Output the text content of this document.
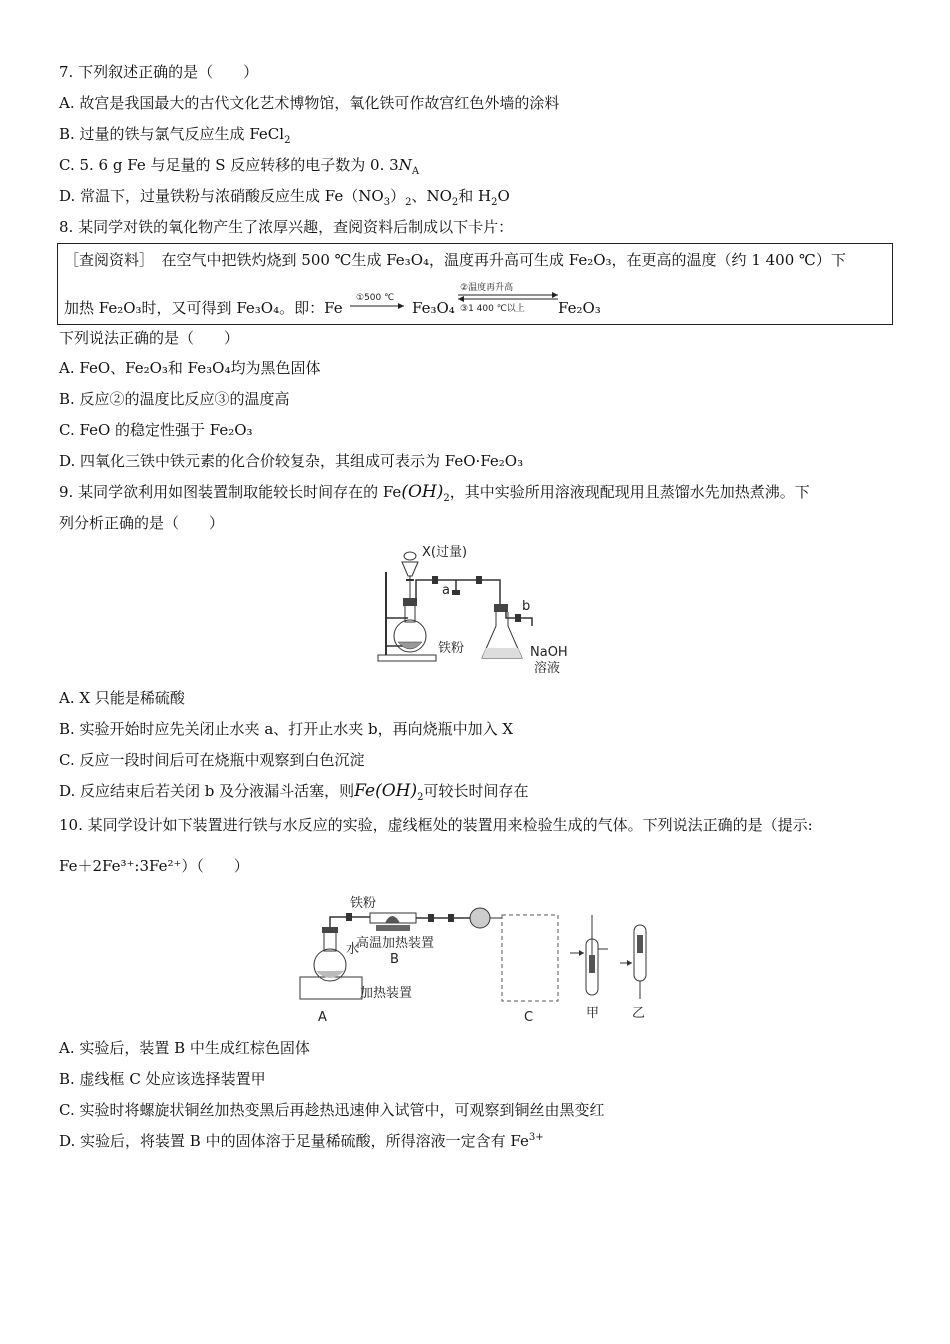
7. 下列叙述正确的是（　　）
A. 故宫是我国最大的古代文化艺术博物馆，氧化铁可作故宫红色外墙的涂料
B. 过量的铁与氯气反应生成 FeCl$_2$
C. 5. 6 g Fe 与足量的 S 反应转移的电子数为 0. $3N_A$
D. 常温下，过量铁粉与浓硝酸反应生成 $Fe(NO_3)_2$、$NO_2$和 $H_2O$
8. 某同学对铁的氧化物产生了浓厚兴趣，查阅资料后制成以下卡片：
［查阅资料］　在空气中把铁灼烧到 500 ℃生成 Fe₃O₄，温度再升高可生成 Fe₂O₃，在更高的温度（约 1 400 ℃）下
加热 Fe₂O₃时，又可得到 Fe₃O₄。即：Fe	Fe₃O₄	Fe₂O₃
①500 ℃
②温度再升高
③1 400 ℃以上
下列说法正确的是（　　）
A. FeO、Fe₂O₃和 Fe₃O₄均为黑色固体
B. 反应②的温度比反应③的温度高
C. FeO 的稳定性强于 Fe₂O₃
D. 四氧化三铁中铁元素的化合价较复杂，其组成可表示为 FeO·Fe₂O₃
9. 某同学欲利用如图装置制取能较长时间存在的 $Fe(OH)_2$，其中实验所用溶液现配现用且蒸馏水先加热煮沸。下
列分析正确的是（　　）
X(过量)
a
b
铁粉	NaOH
溶液
A. X 只能是稀硫酸
B. 实验开始时应先关闭止水夹 a、打开止水夹 b，再向烧瓶中加入 X
C. 反应一段时间后可在烧瓶中观察到白色沉淀
D. 反应结束后若关闭 b 及分液漏斗活塞，则$Fe(OH)_2$可较长时间存在
10. 某同学设计如下装置进行铁与水反应的实验，虚线框处的装置用来检验生成的气体。下列说法正确的是（提示:
Fe＋2Fe³⁺:3Fe²⁺）（　　）
水
加热装置
A
铁粉
高温加热装置
B
C	甲	乙
A. 实验后，装置 B 中生成红棕色固体
B. 虚线框 C 处应该选择装置甲
C. 实验时将螺旋状铜丝加热变黑后再趁热迅速伸入试管中，可观察到铜丝由黑变红
D. 实验后，将装置 B 中的固体溶于足量稀硫酸，所得溶液一定含有 $Fe^{3+}$
